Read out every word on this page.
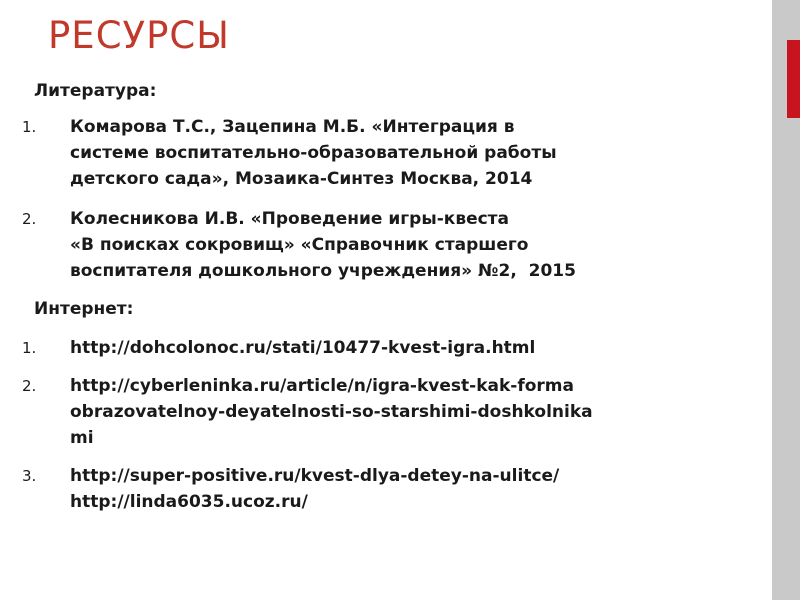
РЕСУРСЫ
Литература:
1.	Комарова Т.С., Зацепина М.Б. «Интеграция в
системе воспитательно-образовательной работы
детского сада», Мозаика-Синтез Москва, 2014
2.	Колесникова И.В. «Проведение игры-квеста
«В поисках сокровищ» «Справочник старшего
воспитателя дошкольного учреждения» №2,  2015
Интернет:
1.	http://dohcolonoc.ru/stati/10477-kvest-igra.html
2.	http://cyberleninka.ru/article/n/igra-kvest-kak-forma
obrazovatelnoy-deyatelnosti-so-starshimi-doshkolnika
mi
3.	http://super-positive.ru/kvest-dlya-detey-na-ulitce/
http://linda6035.ucoz.ru/
